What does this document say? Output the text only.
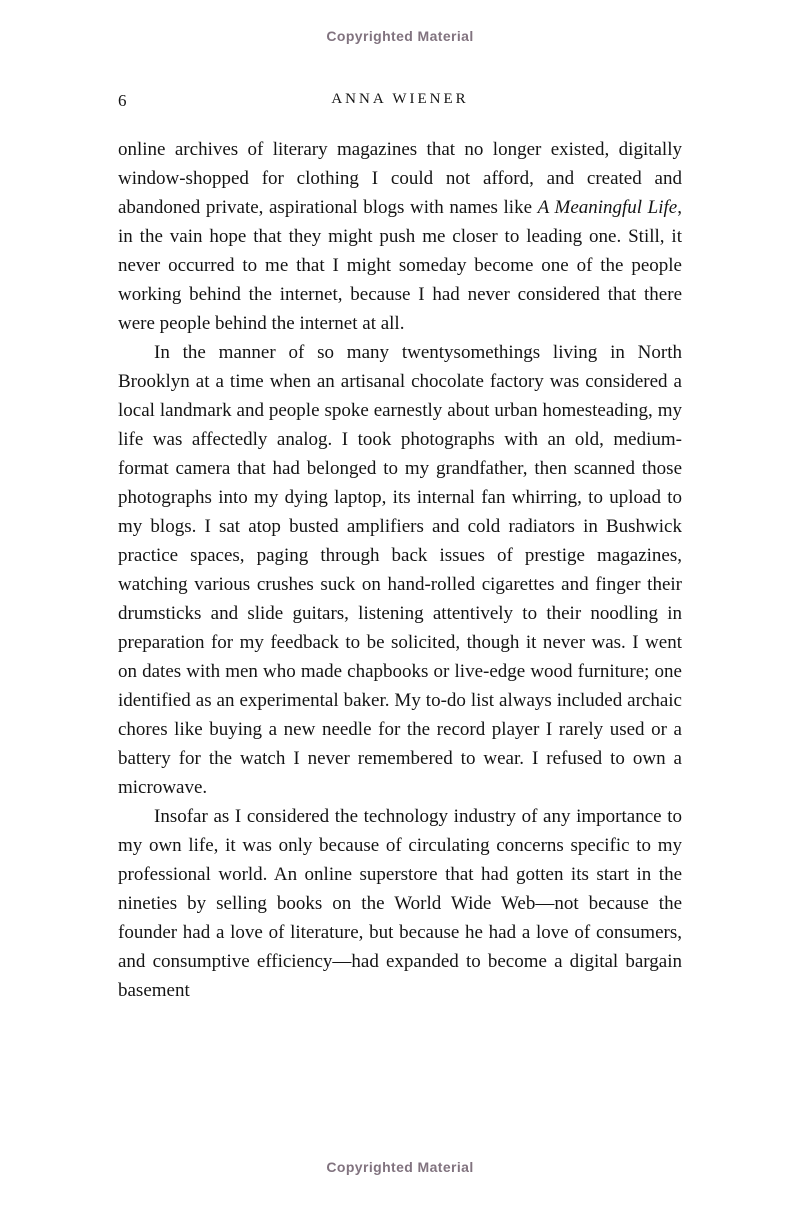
Copyrighted Material
6	ANNA WIENER

online archives of literary magazines that no longer existed, digitally window-shopped for clothing I could not afford, and created and abandoned private, aspirational blogs with names like A Meaningful Life, in the vain hope that they might push me closer to leading one. Still, it never occurred to me that I might someday become one of the people working behind the internet, because I had never considered that there were people behind the internet at all.

In the manner of so many twentysomethings living in North Brooklyn at a time when an artisanal chocolate factory was considered a local landmark and people spoke earnestly about urban homesteading, my life was affectedly analog. I took photographs with an old, medium-format camera that had belonged to my grandfather, then scanned those photographs into my dying laptop, its internal fan whirring, to upload to my blogs. I sat atop busted amplifiers and cold radiators in Bushwick practice spaces, paging through back issues of prestige magazines, watching various crushes suck on hand-rolled cigarettes and finger their drumsticks and slide guitars, listening attentively to their noodling in preparation for my feedback to be solicited, though it never was. I went on dates with men who made chapbooks or live-edge wood furniture; one identified as an experimental baker. My to-do list always included archaic chores like buying a new needle for the record player I rarely used or a battery for the watch I never remembered to wear. I refused to own a microwave.

Insofar as I considered the technology industry of any importance to my own life, it was only because of circulating concerns specific to my professional world. An online superstore that had gotten its start in the nineties by selling books on the World Wide Web—not because the founder had a love of literature, but because he had a love of consumers, and consumptive efficiency—had expanded to become a digital bargain basement

Copyrighted Material
